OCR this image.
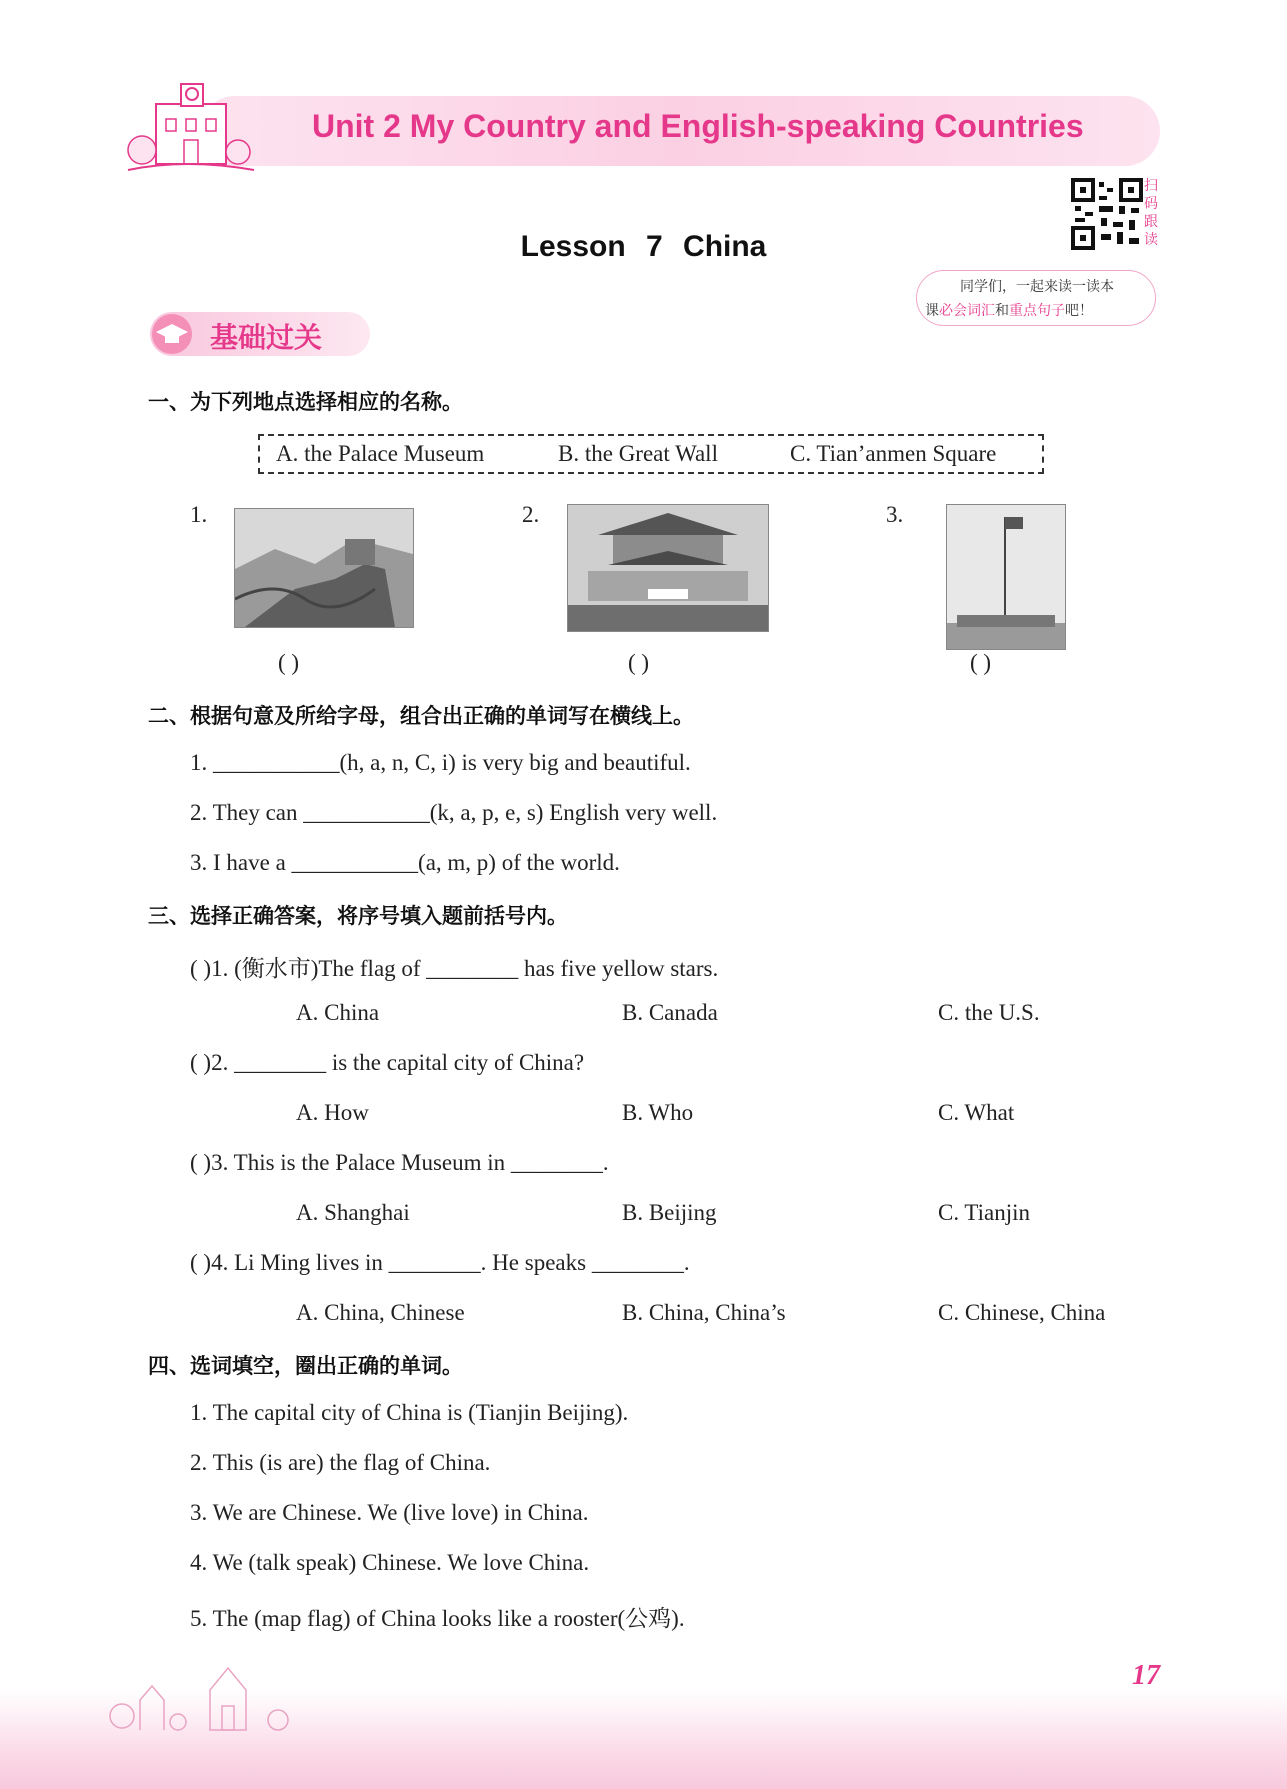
Unit 2 My Country and English-speaking Countries
扫码跟读
同学们，一起来读一读本
课必会词汇和重点句子吧！
Lesson 7 China
基础过关
一、为下列地点选择相应的名称。
A. the Palace Museum	B. the Great Wall	C. Tian’anmen Square
1.
( )
2.
( )
3.
( )
二、根据句意及所给字母，组合出正确的单词写在横线上。
1. ___________(h, a, n, C, i) is very big and beautiful.
2. They can ___________(k, a, p, e, s) English very well.
3. I have a ___________(a, m, p) of the world.
三、选择正确答案，将序号填入题前括号内。
( )1. (衡水市)The flag of ________ has five yellow stars.
A. China	B. Canada	C. the U.S.
( )2. ________ is the capital city of China?
A. How	B. Who	C. What
( )3. This is the Palace Museum in ________.
A. Shanghai	B. Beijing	C. Tianjin
( )4. Li Ming lives in ________. He speaks ________.
A. China, Chinese	B. China, China’s	C. Chinese, China
四、选词填空，圈出正确的单词。
1. The capital city of China is (Tianjin Beijing).
2. This (is are) the flag of China.
3. We are Chinese. We (live love) in China.
4. We (talk speak) Chinese. We love China.
5. The (map flag) of China looks like a rooster(公鸡).
17
